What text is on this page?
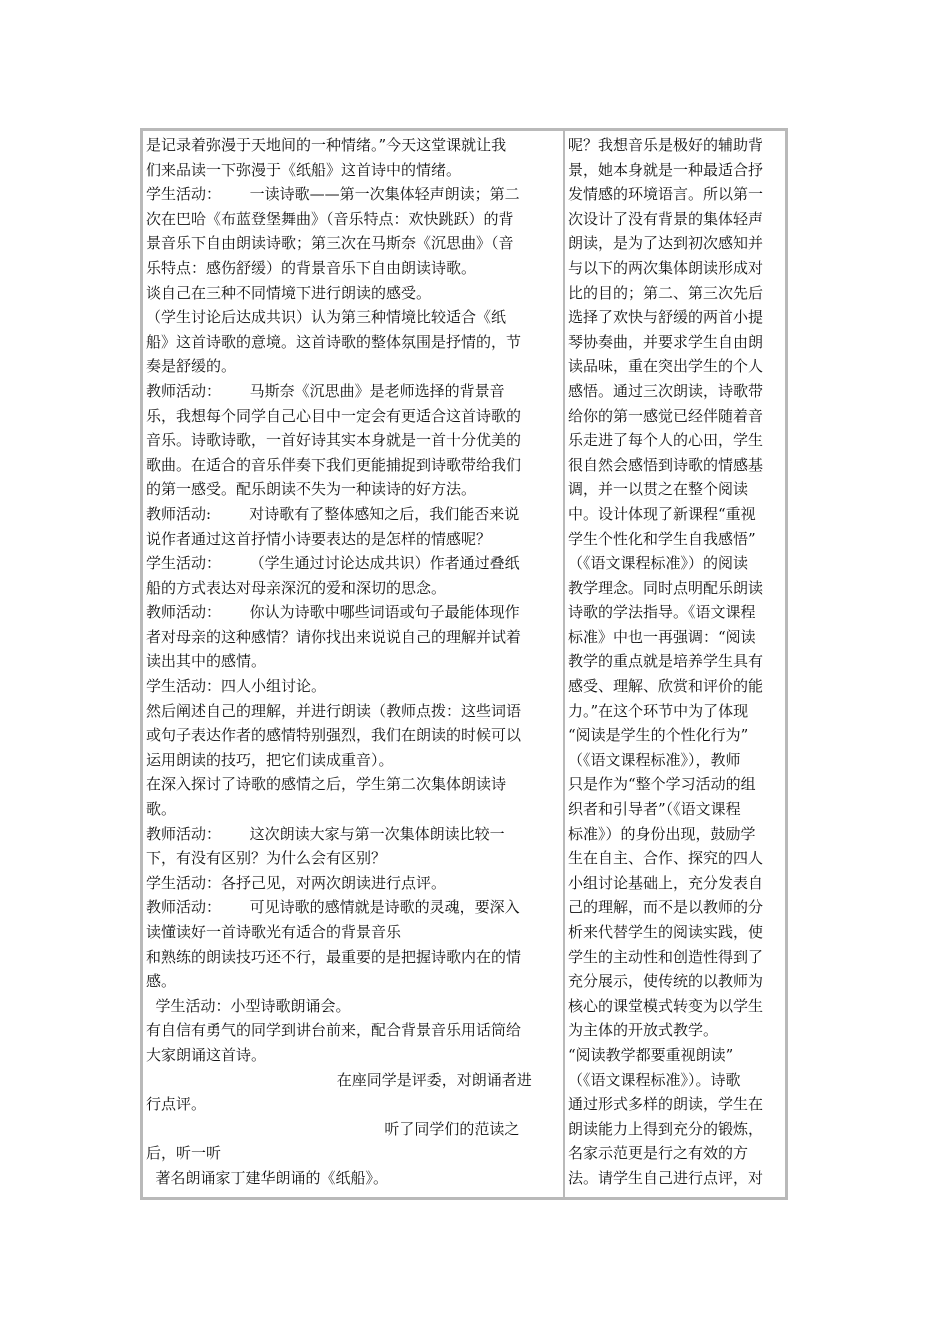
是记录着弥漫于天地间的一种情绪。”今天这堂课就让我
们来品读一下弥漫于《纸船》这首诗中的情绪。
学生活动：      一读诗歌——第一次集体轻声朗读；第二
次在巴哈《布蓝登堡舞曲》（音乐特点：欢快跳跃）的背
景音乐下自由朗读诗歌；第三次在马斯奈《沉思曲》（音
乐特点：感伤舒缓）的背景音乐下自由朗读诗歌。
谈自己在三种不同情境下进行朗读的感受。
（学生讨论后达成共识）认为第三种情境比较适合《纸
船》这首诗歌的意境。这首诗歌的整体氛围是抒情的，节
奏是舒缓的。
教师活动：      马斯奈《沉思曲》是老师选择的背景音
乐，我想每个同学自己心目中一定会有更适合这首诗歌的
音乐。诗歌诗歌，一首好诗其实本身就是一首十分优美的
歌曲。在适合的音乐伴奏下我们更能捕捉到诗歌带给我们
的第一感受。配乐朗读不失为一种读诗的好方法。
教师活动:        对诗歌有了整体感知之后，我们能否来说
说作者通过这首抒情小诗要表达的是怎样的情感呢？
学生活动：      （学生通过讨论达成共识）作者通过叠纸
船的方式表达对母亲深沉的爱和深切的思念。
教师活动：      你认为诗歌中哪些词语或句子最能体现作
者对母亲的这种感情？请你找出来说说自己的理解并试着
读出其中的感情。
学生活动：四人小组讨论。
然后阐述自己的理解，并进行朗读（教师点拨：这些词语
或句子表达作者的感情特别强烈，我们在朗读的时候可以
运用朗读的技巧，把它们读成重音）。
在深入探讨了诗歌的感情之后，学生第二次集体朗读诗
歌。
教师活动：      这次朗读大家与第一次集体朗读比较一
下，有没有区别？为什么会有区别？
学生活动：各抒己见，对两次朗读进行点评。
教师活动：      可见诗歌的感情就是诗歌的灵魂，要深入
读懂读好一首诗歌光有适合的背景音乐
和熟练的朗读技巧还不行，最重要的是把握诗歌内在的情
感。
学生活动：小型诗歌朗诵会。
有自信有勇气的同学到讲台前来，配合背景音乐用话筒给
大家朗诵这首诗。
在座同学是评委，对朗诵者进
行点评。
听了同学们的范读之
后，听一听
著名朗诵家丁建华朗诵的《纸船》。
呢？我想音乐是极好的辅助背
景，她本身就是一种最适合抒
发情感的环境语言。所以第一
次设计了没有背景的集体轻声
朗读，是为了达到初次感知并
与以下的两次集体朗读形成对
比的目的；第二、第三次先后
选择了欢快与舒缓的两首小提
琴协奏曲，并要求学生自由朗
读品味，重在突出学生的个人
感悟。通过三次朗读，诗歌带
给你的第一感觉已经伴随着音
乐走进了每个人的心田，学生
很自然会感悟到诗歌的情感基
调，并一以贯之在整个阅读
中。设计体现了新课程“重视
学生个性化和学生自我感悟”
（《语文课程标准》）的阅读
教学理念。同时点明配乐朗读
诗歌的学法指导。《语文课程
标准》中也一再强调：“阅读
教学的重点就是培养学生具有
感受、理解、欣赏和评价的能
力。”在这个环节中为了体现
“阅读是学生的个性化行为”
（《语文课程标准》），教师
只是作为“整个学习活动的组
织者和引导者”（《语文课程
标准》）的身份出现，鼓励学
生在自主、合作、探究的四人
小组讨论基础上，充分发表自
己的理解，而不是以教师的分
析来代替学生的阅读实践，使
学生的主动性和创造性得到了
充分展示，使传统的以教师为
核心的课堂模式转变为以学生
为主体的开放式教学。
“阅读教学都要重视朗读”
（《语文课程标准》）。诗歌
通过形式多样的朗读，学生在
朗读能力上得到充分的锻炼，
名家示范更是行之有效的方
法。请学生自己进行点评，对
